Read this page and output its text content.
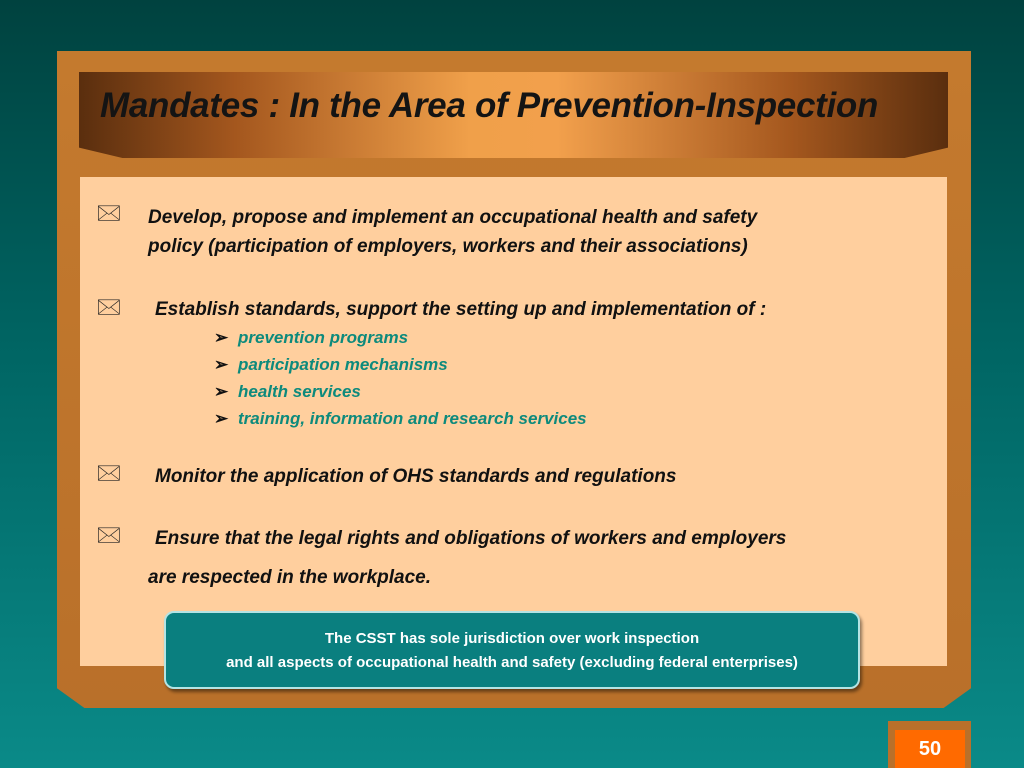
Mandates : In the Area of Prevention-Inspection
🖂 Develop, propose and implement an occupational health and safety

policy (participation of employers, workers and their associations)

🖂 Establish standards, support the setting up and implementation of :

➢ prevention programs
➢ participation mechanisms
➢ health services
➢ training, information and research services
🖂 Monitor the application of OHS standards and regulations

🖂 Ensure that the legal rights and obligations of workers and employers

are respected in the workplace.

The CSST has sole jurisdiction over work inspection
and all aspects of occupational health and safety (excluding federal enterprises)
50
